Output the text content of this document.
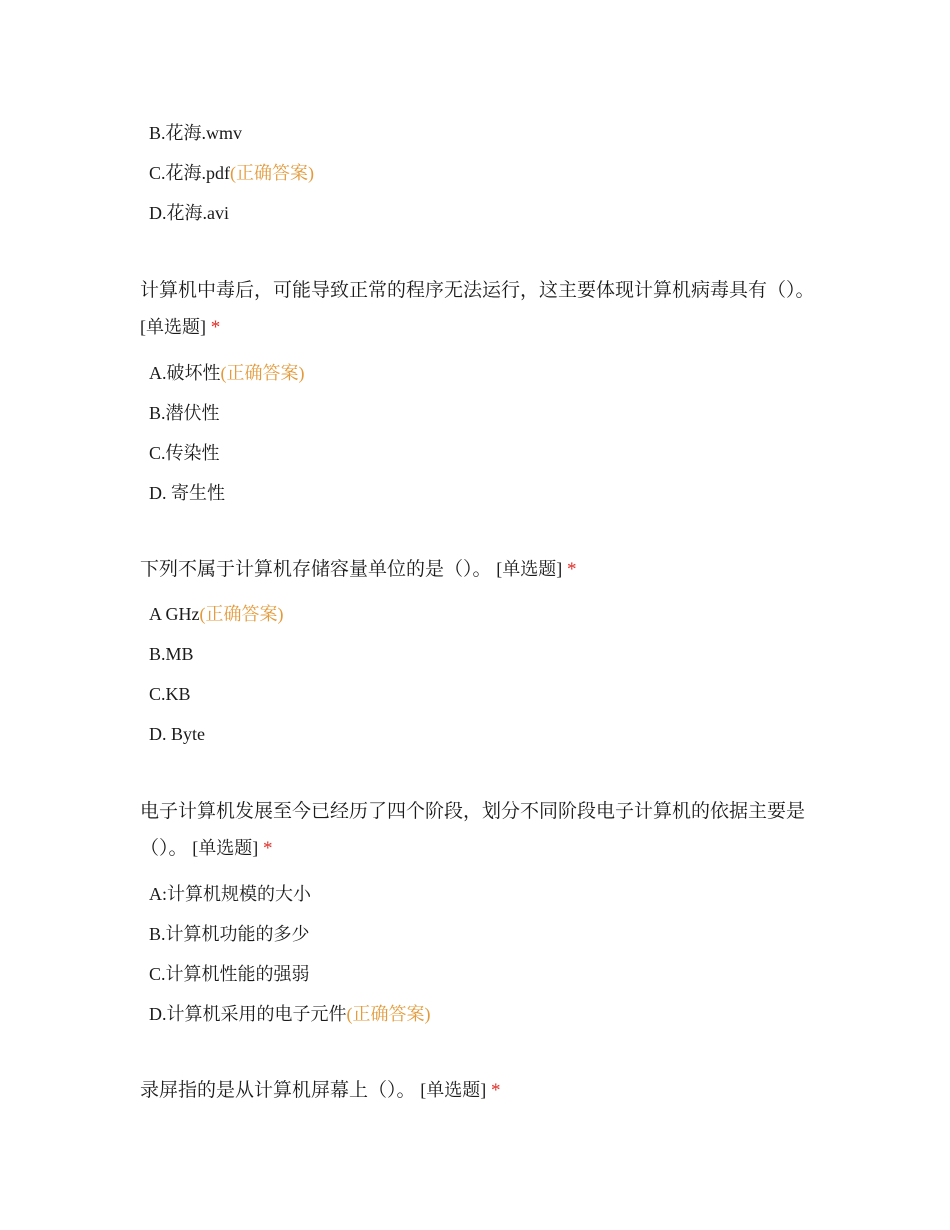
B.花海.wmv
C.花海.pdf(正确答案)
D.花海.avi
计算机中毒后，可能导致正常的程序无法运行，这主要体现计算机病毒具有（）。
[单选题] *
A.破坏性(正确答案)
B.潜伏性
C.传染性
D. 寄生性
下列不属于计算机存储容量单位的是（）。 [单选题] *
A GHz(正确答案)
B.MB
C.KB
D. Byte
电子计算机发展至今已经历了四个阶段，划分不同阶段电子计算机的依据主要是（）。 [单选题] *
A:计算机规模的大小
B.计算机功能的多少
C.计算机性能的强弱
D.计算机采用的电子元件(正确答案)
录屏指的是从计算机屏幕上（）。 [单选题] *
